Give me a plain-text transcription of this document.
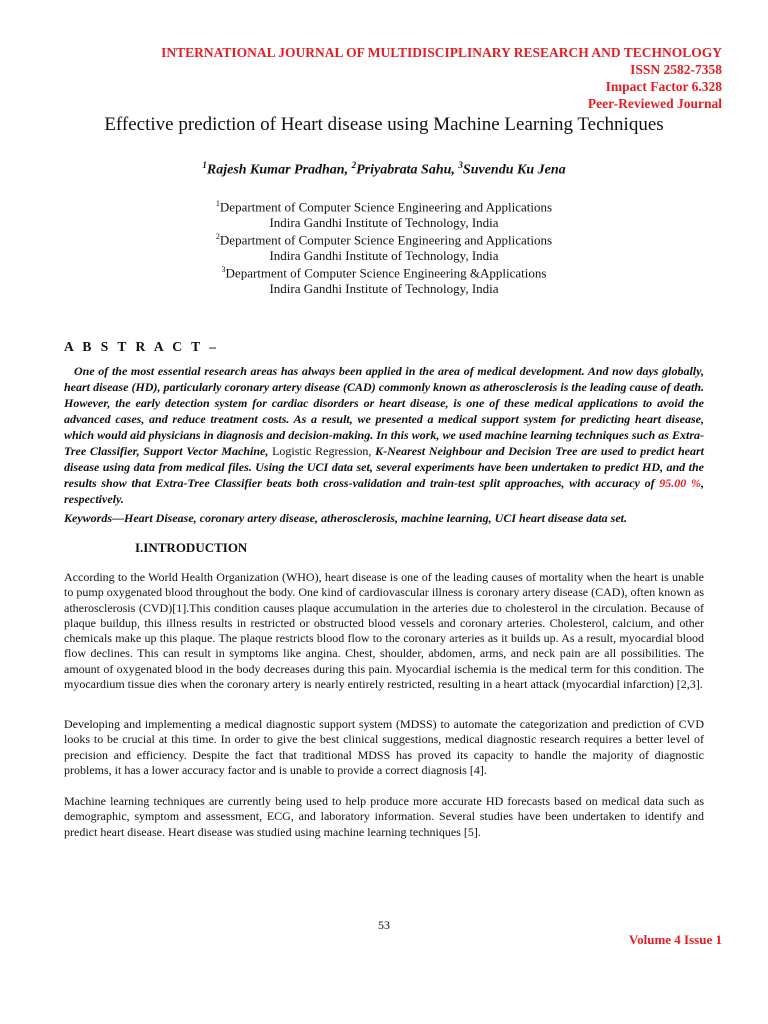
INTERNATIONAL JOURNAL OF MULTIDISCIPLINARY RESEARCH AND TECHNOLOGY
ISSN 2582-7358
Impact Factor 6.328
Peer-Reviewed Journal
Effective prediction of Heart disease using Machine Learning Techniques
$^1$Rajesh Kumar Pradhan, $^2$Priyabrata Sahu, $^3$Suvendu Ku Jena
$^1$Department of Computer Science Engineering and Applications
Indira Gandhi Institute of Technology, India
$^2$Department of Computer Science Engineering and Applications
Indira Gandhi Institute of Technology, India
$^3$Department of Computer Science Engineering &Applications
Indira Gandhi Institute of Technology, India
A B S T R A C T –
One of the most essential research areas has always been applied in the area of medical development. And now days globally, heart disease (HD), particularly coronary artery disease (CAD) commonly known as atherosclerosis is the leading cause of death. However, the early detection system for cardiac disorders or heart disease, is one of these medical applications to avoid the advanced cases, and reduce treatment costs. As a result, we presented a medical support system for predicting heart disease, which would aid physicians in diagnosis and decision-making. In this work, we used machine learning techniques such as Extra-Tree Classifier, Support Vector Machine, Logistic Regression, K-Nearest Neighbour and Decision Tree are used to predict heart disease using data from medical files. Using the UCI data set, several experiments have been undertaken to predict HD, and the results show that Extra-Tree Classifier beats both cross-validation and train-test split approaches, with accuracy of 95.00 %, respectively.
Keywords—Heart Disease, coronary artery disease, atherosclerosis, machine learning, UCI heart disease data set.
I.INTRODUCTION
According to the World Health Organization (WHO), heart disease is one of the leading causes of mortality when the heart is unable to pump oxygenated blood throughout the body. One kind of cardiovascular illness is coronary artery disease (CAD), often known as atherosclerosis (CVD)[1].This condition causes plaque accumulation in the arteries due to cholesterol in the circulation. Because of plaque buildup, this illness results in restricted or obstructed blood vessels and coronary arteries. Cholesterol, calcium, and other chemicals make up this plaque. The plaque restricts blood flow to the coronary arteries as it builds up. As a result, myocardial blood flow declines. This can result in symptoms like angina. Chest, shoulder, abdomen, arms, and neck pain are all possibilities. The amount of oxygenated blood in the body decreases during this pain. Myocardial ischemia is the medical term for this condition. The myocardium tissue dies when the coronary artery is nearly entirely restricted, resulting in a heart attack (myocardial infarction) [2,3].
Developing and implementing a medical diagnostic support system (MDSS) to automate the categorization and prediction of CVD looks to be crucial at this time. In order to give the best clinical suggestions, medical diagnostic research requires a better level of precision and efficiency. Despite the fact that traditional MDSS has proved its capacity to handle the majority of diagnostic problems, it has a lower accuracy factor and is unable to provide a correct diagnosis [4].
Machine learning techniques are currently being used to help produce more accurate HD forecasts based on medical data such as demographic, symptom and assessment, ECG, and laboratory information. Several studies have been undertaken to identify and predict heart disease. Heart disease was studied using machine learning techniques [5].
53
Volume 4 Issue 1
